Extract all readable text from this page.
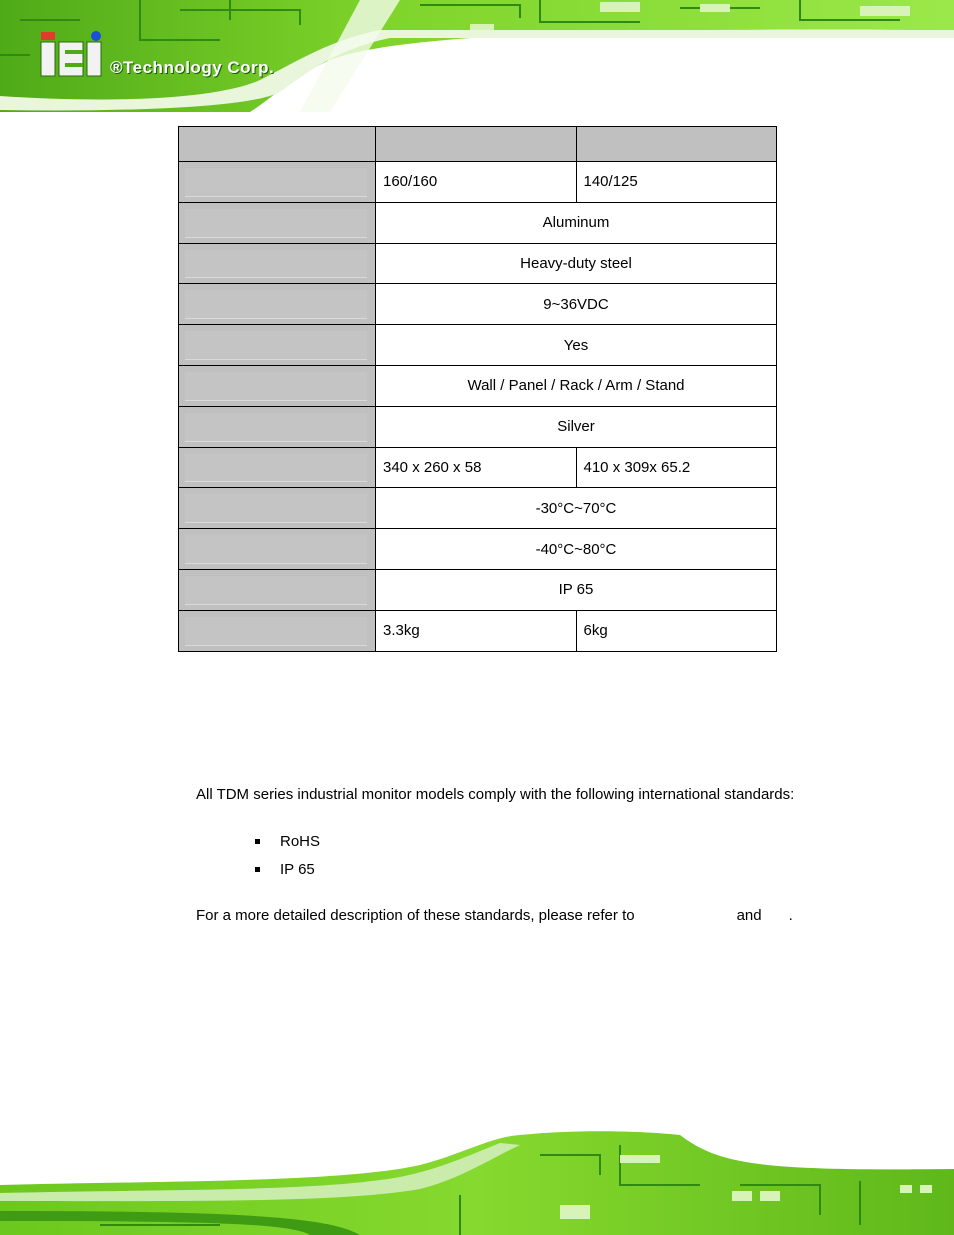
®Technology Corp.

	160/160	140/125

	Aluminum	

	Heavy-duty steel	

	9~36VDC	

	Yes	

	Wall / Panel / Rack / Arm / Stand	

	Silver	

	340 x 260 x 58	410 x 309x 65.2

	-30°C~70°C	

	-40°C~80°C	

	IP 65	

	3.3kg	6kg
All TDM series industrial monitor models comply with the following international standards:
RoHS
IP 65
For a more detailed description of these standards, please refer to	and .
